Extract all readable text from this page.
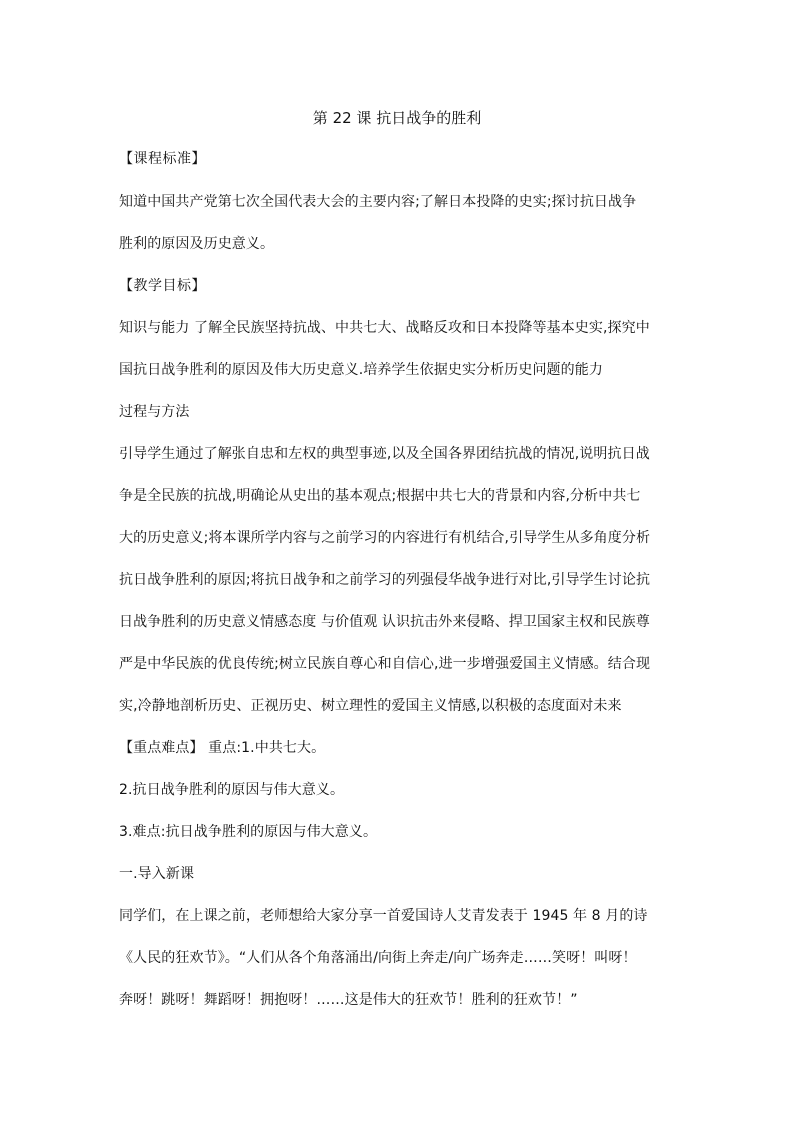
第 22 课 抗日战争的胜利
【课程标准】
知道中国共产党第七次全国代表大会的主要内容;了解日本投降的史实;探讨抗日战争
胜利的原因及历史意义。
【教学目标】
知识与能力 了解全民族坚持抗战、中共七大、战略反攻和日本投降等基本史实,探究中
国抗日战争胜利的原因及伟大历史意义.培养学生依据史实分析历史问题的能力
过程与方法
引导学生通过了解张自忠和左权的典型事迹,以及全国各界团结抗战的情况,说明抗日战
争是全民族的抗战,明确论从史出的基本观点;根据中共七大的背景和内容,分析中共七
大的历史意义;将本课所学内容与之前学习的内容进行有机结合,引导学生从多角度分析
抗日战争胜利的原因;将抗日战争和之前学习的列强侵华战争进行对比,引导学生讨论抗
日战争胜利的历史意义情感态度 与价值观 认识抗击外来侵略、捍卫国家主权和民族尊
严是中华民族的优良传统;树立民族自尊心和自信心,进一步增强爱国主义情感。结合现
实,冷静地剖析历史、正视历史、树立理性的爱国主义情感,以积极的态度面对未来
【重点难点】 重点:1.中共七大。
2.抗日战争胜利的原因与伟大意义。
3.难点:抗日战争胜利的原因与伟大意义。
一.导入新课
同学们，在上课之前，老师想给大家分享一首爱国诗人艾青发表于 1945 年 8 月的诗
《人民的狂欢节》。“人们从各个角落涌出/向街上奔走/向广场奔走……笑呀！叫呀！
奔呀！跳呀！舞蹈呀！拥抱呀！……这是伟大的狂欢节！胜利的狂欢节！”
